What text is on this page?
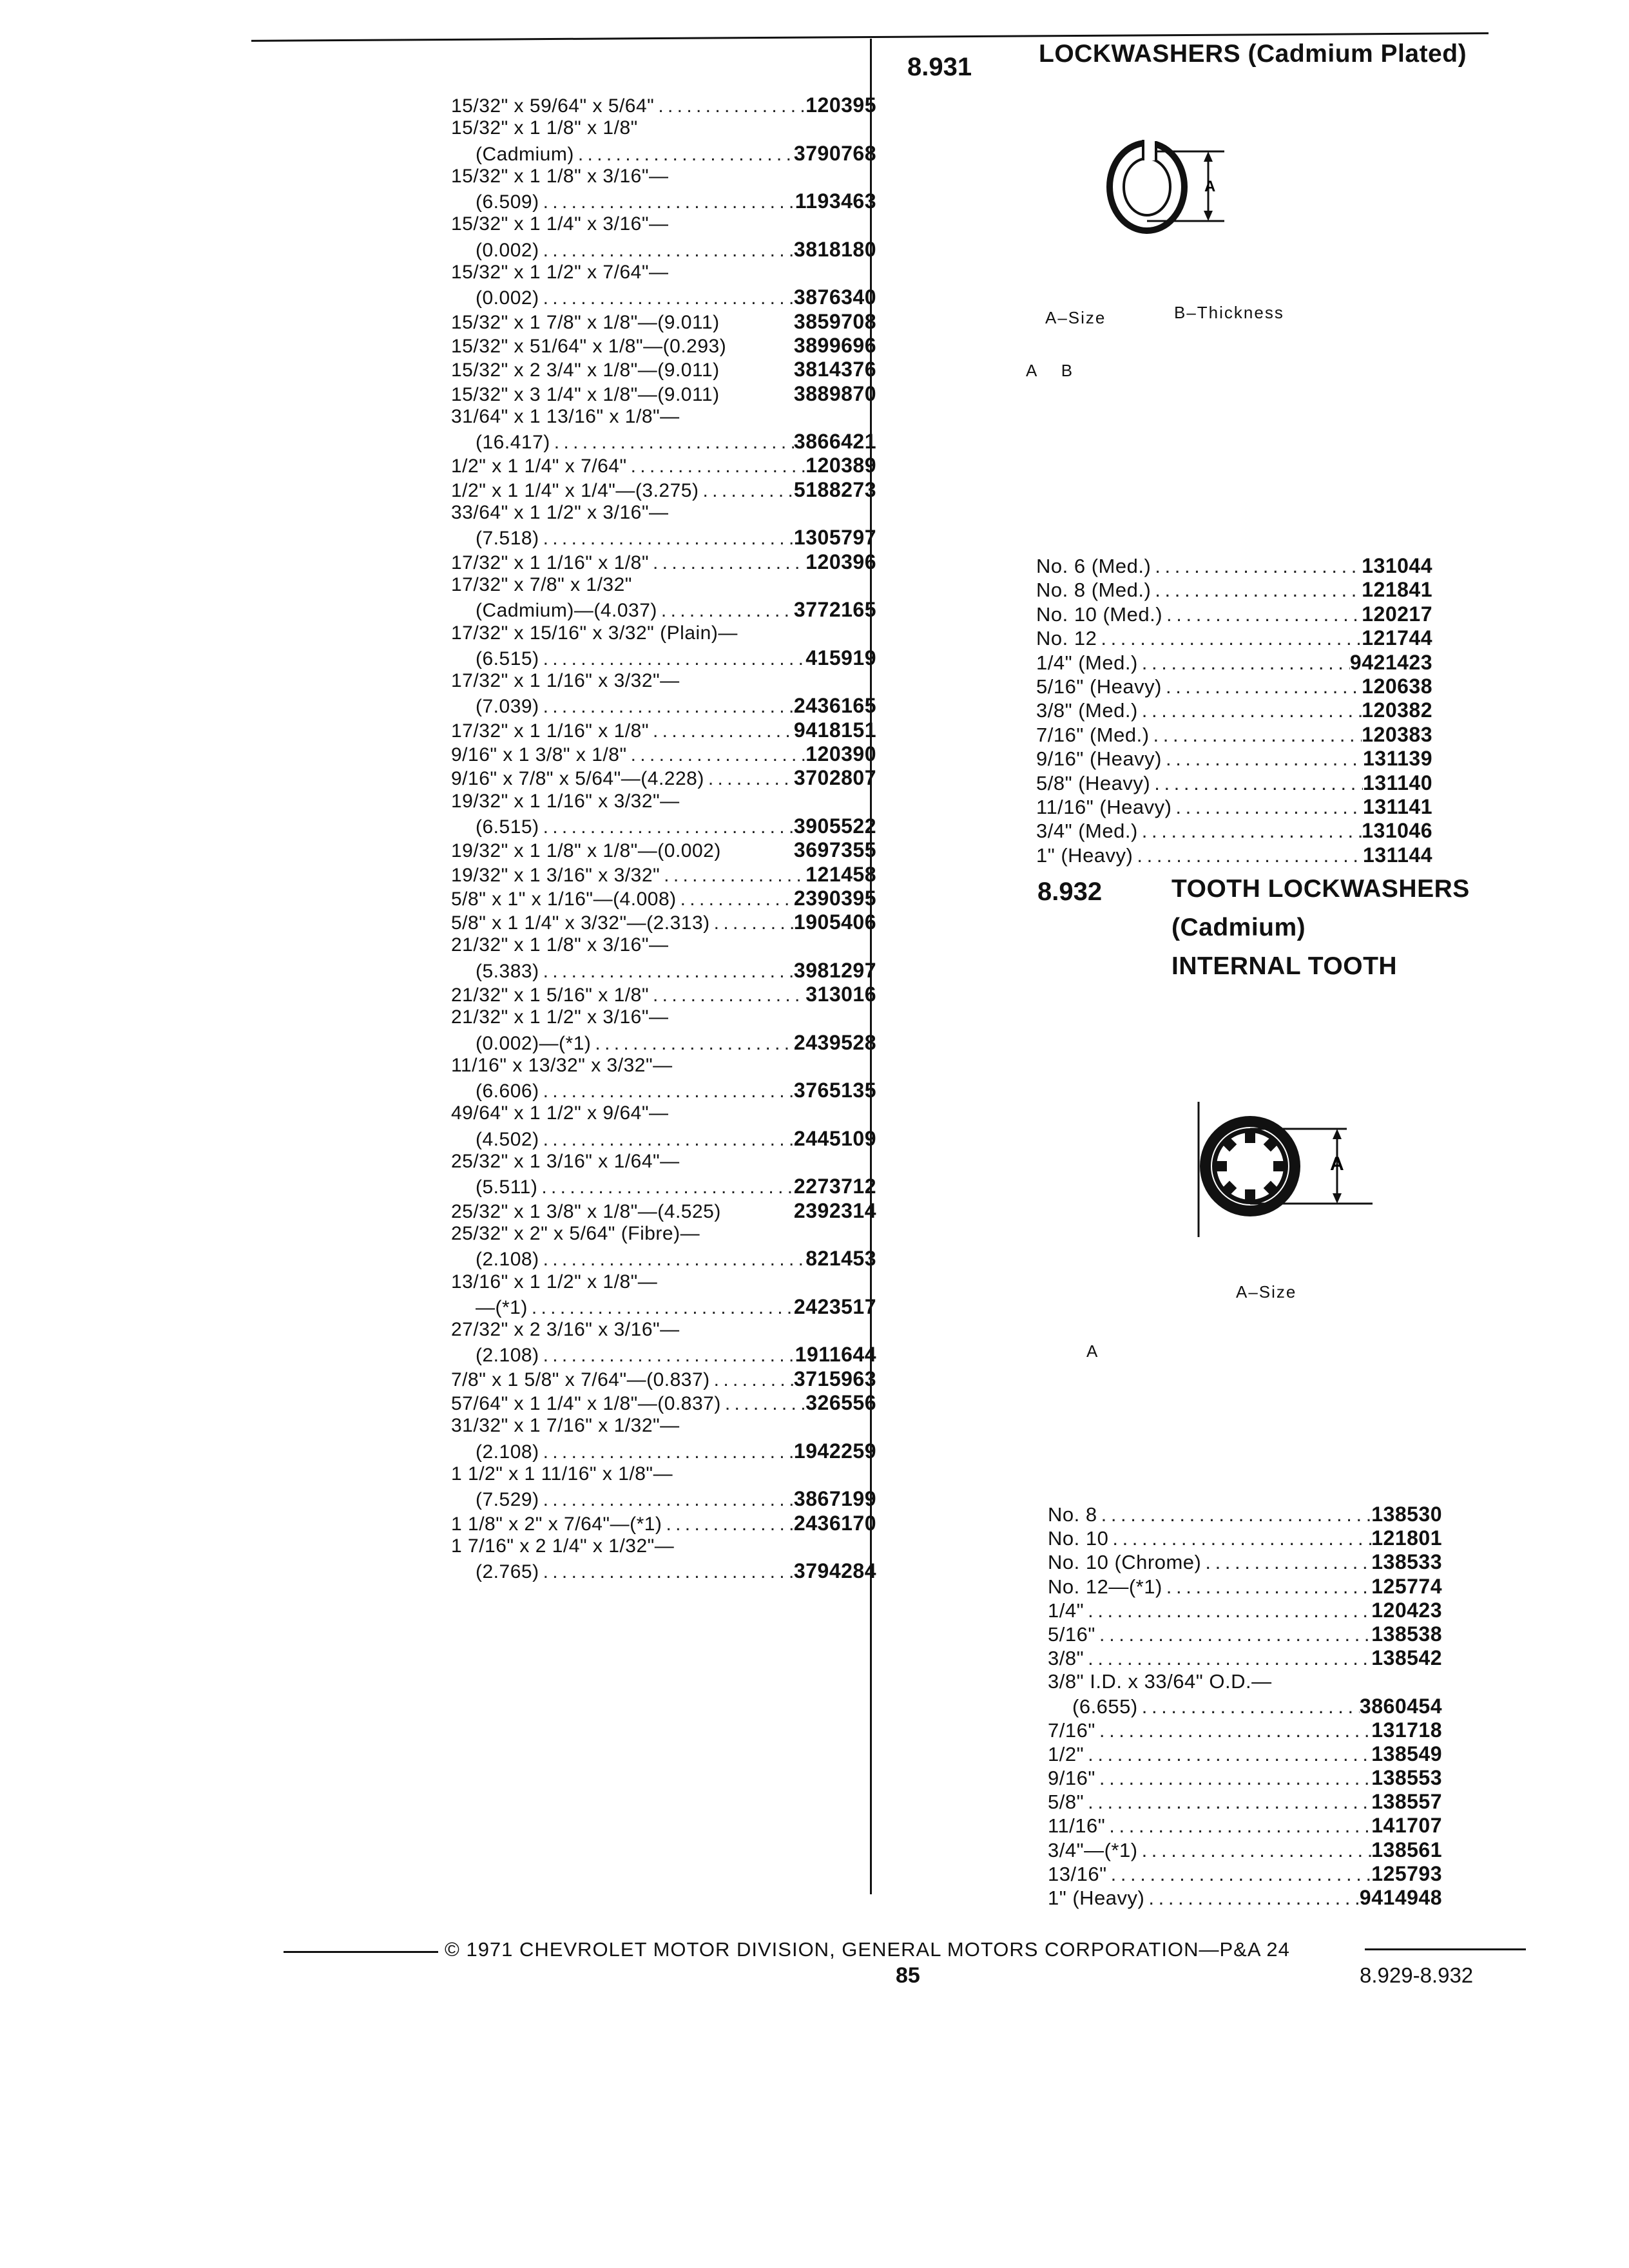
15/32" x 59/64" x 5/64" . . .	120395
15/32" x 1 1/8" x 1/8"
(Cadmium) . . .	3790768
15/32" x 1 1/8" x 3/16"—
(6.509) . . .	1193463
15/32" x 1 1/4" x 3/16"—
(0.002) . . .	3818180
15/32" x 1 1/2" x 7/64"—
(0.002) . . .	3876340
15/32" x 1 7/8" x 1/8"—(9.011)	3859708
15/32" x 51/64" x 1/8"—(0.293)	3899696
15/32" x 2 3/4" x 1/8"—(9.011)	3814376
15/32" x 3 1/4" x 1/8"—(9.011)	3889870
31/64" x 1 13/16" x 1/8"—
(16.417) . . .	3866421
1/2" x 1 1/4" x 7/64" . . .	120389
1/2" x 1 1/4" x 1/4"—(3.275) . . .	5188273
33/64" x 1 1/2" x 3/16"—
(7.518) . . .	1305797
17/32" x 1 1/16" x 1/8" . . .	120396
17/32" x 7/8" x 1/32"
(Cadmium)—(4.037) . . .	3772165
17/32" x 15/16" x 3/32" (Plain)—
(6.515) . . .	415919
17/32" x 1 1/16" x 3/32"—
(7.039) . . .	2436165
17/32" x 1 1/16" x 1/8" . . .	9418151
9/16" x 1 3/8" x 1/8" . . .	120390
9/16" x 7/8" x 5/64"—(4.228) . . .	3702807
19/32" x 1 1/16" x 3/32"—
(6.515) . . .	3905522
19/32" x 1 1/8" x 1/8"—(0.002)	3697355
19/32" x 1 3/16" x 3/32" . . .	121458
5/8" x 1" x 1/16"—(4.008) . . .	2390395
5/8" x 1 1/4" x 3/32"—(2.313) . . .	1905406
21/32" x 1 1/8" x 3/16"—
(5.383) . . .	3981297
21/32" x 1 5/16" x 1/8" . . .	313016
21/32" x 1 1/2" x 3/16"—
(0.002)—(*1) . . .	2439528
11/16" x 13/32" x 3/32"—
(6.606) . . .	3765135
49/64" x 1 1/2" x 9/64"—
(4.502) . . .	2445109
25/32" x 1 3/16" x 1/64"—
(5.511) . . .	2273712
25/32" x 1 3/8" x 1/8"—(4.525)	2392314
25/32" x 2" x 5/64" (Fibre)—
(2.108) . . .	821453
13/16" x 1 1/2" x 1/8"—
—(*1) . . .	2423517
27/32" x 2 3/16" x 3/16"—
(2.108) . . .	1911644
7/8" x 1 5/8" x 7/64"—(0.837) . . .	3715963
57/64" x 1 1/4" x 1/8"—(0.837) . . .	326556
31/32" x 1 7/16" x 1/32"—
(2.108) . . .	1942259
1 1/2" x 1 11/16" x 1/8"—
(7.529) . . .	3867199
1 1/8" x 2" x 7/64"—(*1) . . .	2436170
1 7/16" x 2 1/4" x 1/32"—
(2.765) . . .	3794284
8.931	LOCKWASHERS (Cadmium Plated)
A
A–Size	B–Thickness
A    B
No. 6 (Med.) . . .	131044
No. 8 (Med.) . . .	121841
No. 10 (Med.) . . .	120217
No. 12 . . .	121744
1/4" (Med.) . . .	9421423
5/16" (Heavy) . . .	120638
3/8" (Med.) . . .	120382
7/16" (Med.) . . .	120383
9/16" (Heavy) . . .	131139
5/8" (Heavy) . . .	131140
11/16" (Heavy) . . .	131141
3/4" (Med.) . . .	131046
1" (Heavy) . . .	131144
8.932	TOOTH LOCKWASHERS
(Cadmium)
INTERNAL TOOTH
A
A–Size
A
No. 8 . . .	138530
No. 10 . . .	121801
No. 10 (Chrome) . . .	138533
No. 12—(*1) . . .	125774
1/4" . . .	120423
5/16" . . .	138538
3/8" . . .	138542
3/8" I.D. x 33/64" O.D.—
(6.655) . . .	3860454
7/16" . . .	131718
1/2" . . .	138549
9/16" . . .	138553
5/8" . . .	138557
11/16" . . .	141707
3/4"—(*1) . . .	138561
13/16" . . .	125793
1" (Heavy) . . .	9414948
© 1971 CHEVROLET MOTOR DIVISION, GENERAL MOTORS CORPORATION—P&A 24
85	8.929-8.932
